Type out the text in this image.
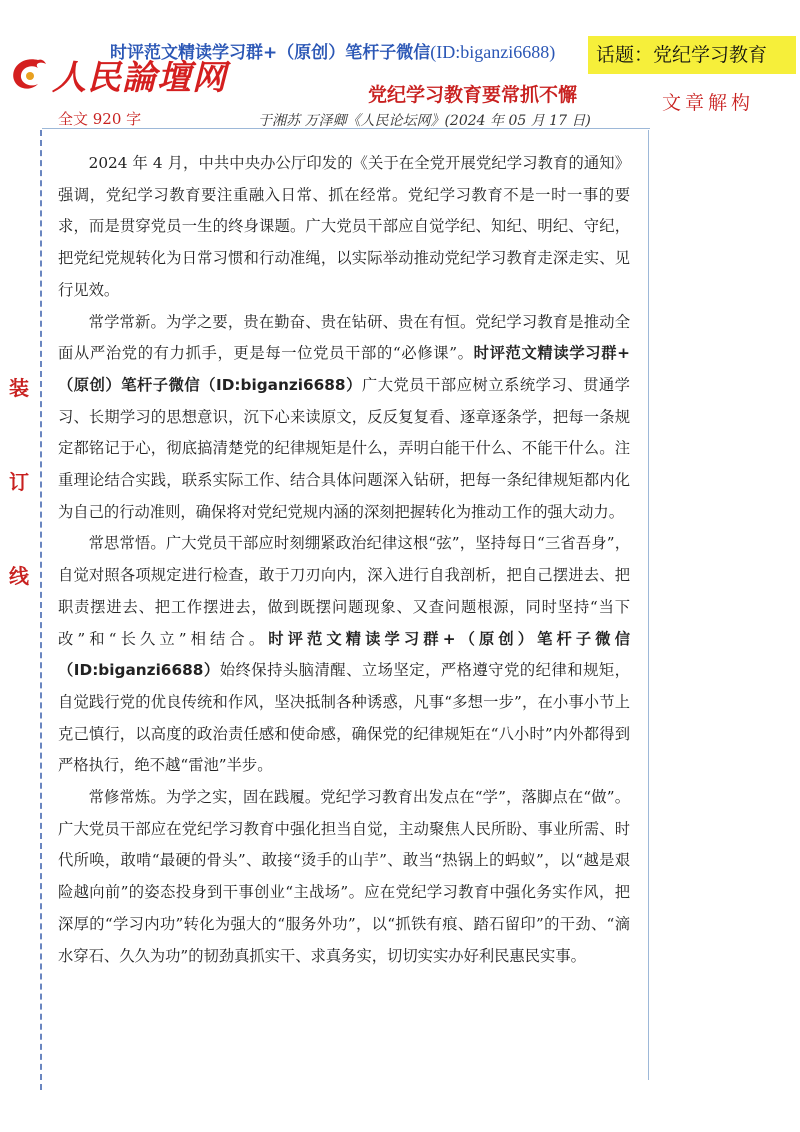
时评范文精读学习群+（原创）笔杆子微信(ID:biganzi6688)	话题：党纪学习教育
人民論壇网	党纪学习教育要常抓不懈	文章解构
全文 920 字	于湘苏 万泽卿《人民论坛网》(2024 年 05 月 17 日)
装
订
线

2024 年 4 月，中共中央办公厅印发的《关于在全党开展党纪学习教育的通知》强调，党纪学习教育要注重融入日常、抓在经常。党纪学习教育不是一时一事的要求，而是贯穿党员一生的终身课题。广大党员干部应自觉学纪、知纪、明纪、守纪，把党纪党规转化为日常习惯和行动准绳，以实际举动推动党纪学习教育走深走实、见行见效。

常学常新。为学之要，贵在勤奋、贵在钻研、贵在有恒。党纪学习教育是推动全面从严治党的有力抓手，更是每一位党员干部的“必修课”。时评范文精读学习群+（原创）笔杆子微信（ID:biganzi6688）广大党员干部应树立系统学习、贯通学习、长期学习的思想意识，沉下心来读原文，反反复复看、逐章逐条学，把每一条规定都铭记于心，彻底搞清楚党的纪律规矩是什么，弄明白能干什么、不能干什么。注重理论结合实践，联系实际工作、结合具体问题深入钻研，把每一条纪律规矩都内化为自己的行动准则，确保将对党纪党规内涵的深刻把握转化为推动工作的强大动力。

常思常悟。广大党员干部应时刻绷紧政治纪律这根“弦”，坚持每日“三省吾身”，自觉对照各项规定进行检查，敢于刀刃向内，深入进行自我剖析，把自己摆进去、把职责摆进去、把工作摆进去，做到既摆问题现象、又查问题根源，同时坚持“当下改”和“长久立”相结合。时评范文精读学习群+（原创）笔杆子微信（ID:biganzi6688）始终保持头脑清醒、立场坚定，严格遵守党的纪律和规矩，自觉践行党的优良传统和作风，坚决抵制各种诱惑，凡事“多想一步”，在小事小节上克己慎行，以高度的政治责任感和使命感，确保党的纪律规矩在“八小时”内外都得到严格执行，绝不越“雷池”半步。

常修常炼。为学之实，固在践履。党纪学习教育出发点在“学”，落脚点在“做”。广大党员干部应在党纪学习教育中强化担当自觉，主动聚焦人民所盼、事业所需、时代所唤，敢啃“最硬的骨头”、敢接“烫手的山芋”、敢当“热锅上的蚂蚁”，以“越是艰险越向前”的姿态投身到干事创业“主战场”。应在党纪学习教育中强化务实作风，把深厚的“学习内功”转化为强大的“服务外功”，以“抓铁有痕、踏石留印”的干劲、“滴水穿石、久久为功”的韧劲真抓实干、求真务实，切切实实办好利民惠民实事。
